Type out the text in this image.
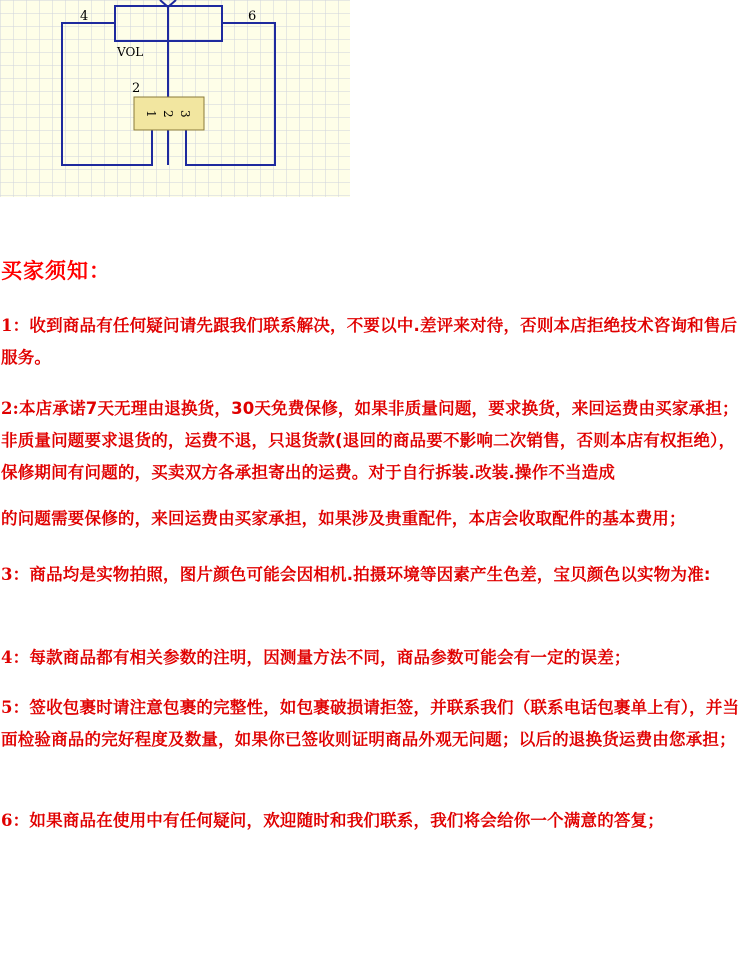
4	6
VOL
2
1 2 3
买家须知：
1：收到商品有任何疑问请先跟我们联系解决，不要以中.差评来对待，否则本店拒绝技术咨询和售后服务。
2:本店承诺7天无理由退换货，30天免费保修，如果非质量问题，要求换货，来回运费由买家承担；非质量问题要求退货的，运费不退，只退货款(退回的商品要不影响二次销售，否则本店有权拒绝），保修期间有问题的，买卖双方各承担寄出的运费。对于自行拆装.改装.操作不当造成
的问题需要保修的，来回运费由买家承担，如果涉及贵重配件，本店会收取配件的基本费用；
3：商品均是实物拍照，图片颜色可能会因相机.拍摄环境等因素产生色差，宝贝颜色以实物为准:
4：每款商品都有相关参数的注明，因测量方法不同，商品参数可能会有一定的误差；
5：签收包裹时请注意包裹的完整性，如包裹破损请拒签，并联系我们（联系电话包裹单上有），并当面检验商品的完好程度及数量，如果你已签收则证明商品外观无问题；以后的退换货运费由您承担；
6：如果商品在使用中有任何疑问，欢迎随时和我们联系，我们将会给你一个满意的答复；
